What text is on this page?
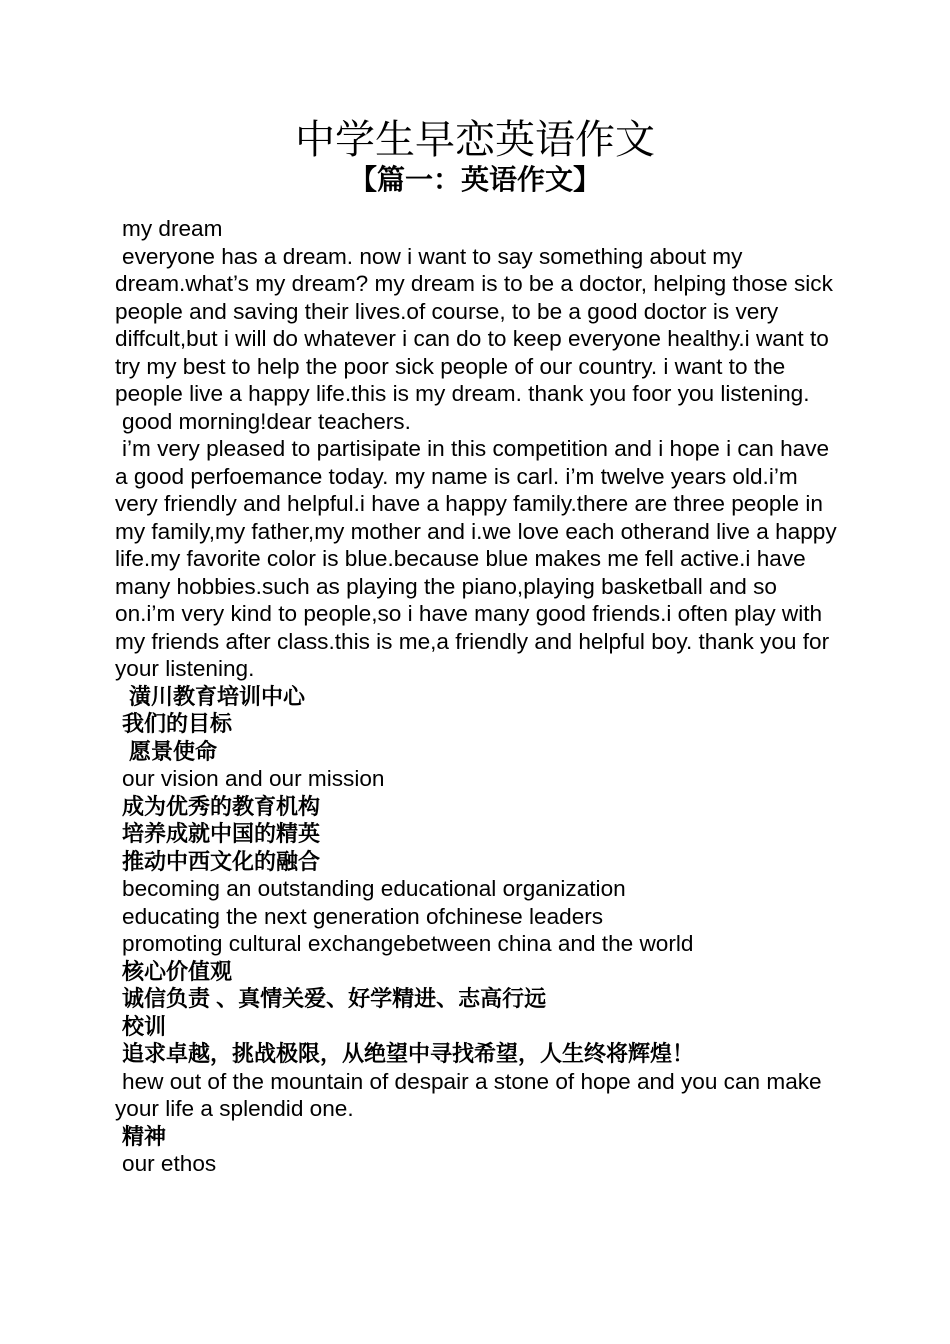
中学生早恋英语作文
【篇一：英语作文】

my dream

everyone has a dream. now i want to say something about my dream.what’s my dream? my dream is to be a doctor, helping those sick people and saving their lives.of course, to be a good doctor is very diffcult,but i will do whatever i can do to keep everyone healthy.i want to try my best to help the poor sick people of our country. i want to the people live a happy life.this is my dream. thank you foor you listening.

good morning!dear teachers.

i’m very pleased to partisipate in this competition and i hope i can have a good perfoemance today. my name is carl. i’m twelve years old.i’m very friendly and helpful.i have a happy family.there are three people in my family,my father,my mother and i.we love each otherand live a happy life.my favorite color is blue.because blue makes me fell active.i have many hobbies.such as playing the piano,playing basketball and so on.i’m very kind to people,so i have many good friends.i often play with my friends after class.this is me,a friendly and helpful boy. thank you for your listening.

潢川教育培训中心

我们的目标

愿景使命

our vision and our mission

成为优秀的教育机构

培养成就中国的精英

推动中西文化的融合

becoming an outstanding educational organization

educating the next generation ofchinese leaders

promoting cultural exchangebetween china and the world

核心价值观

诚信负责 、真情关爱、好学精进、志高行远

校训

追求卓越，挑战极限，从绝望中寻找希望，人生终将辉煌！

hew out of the mountain of despair a stone of hope and you can make your life a splendid one.

精神

our ethos
